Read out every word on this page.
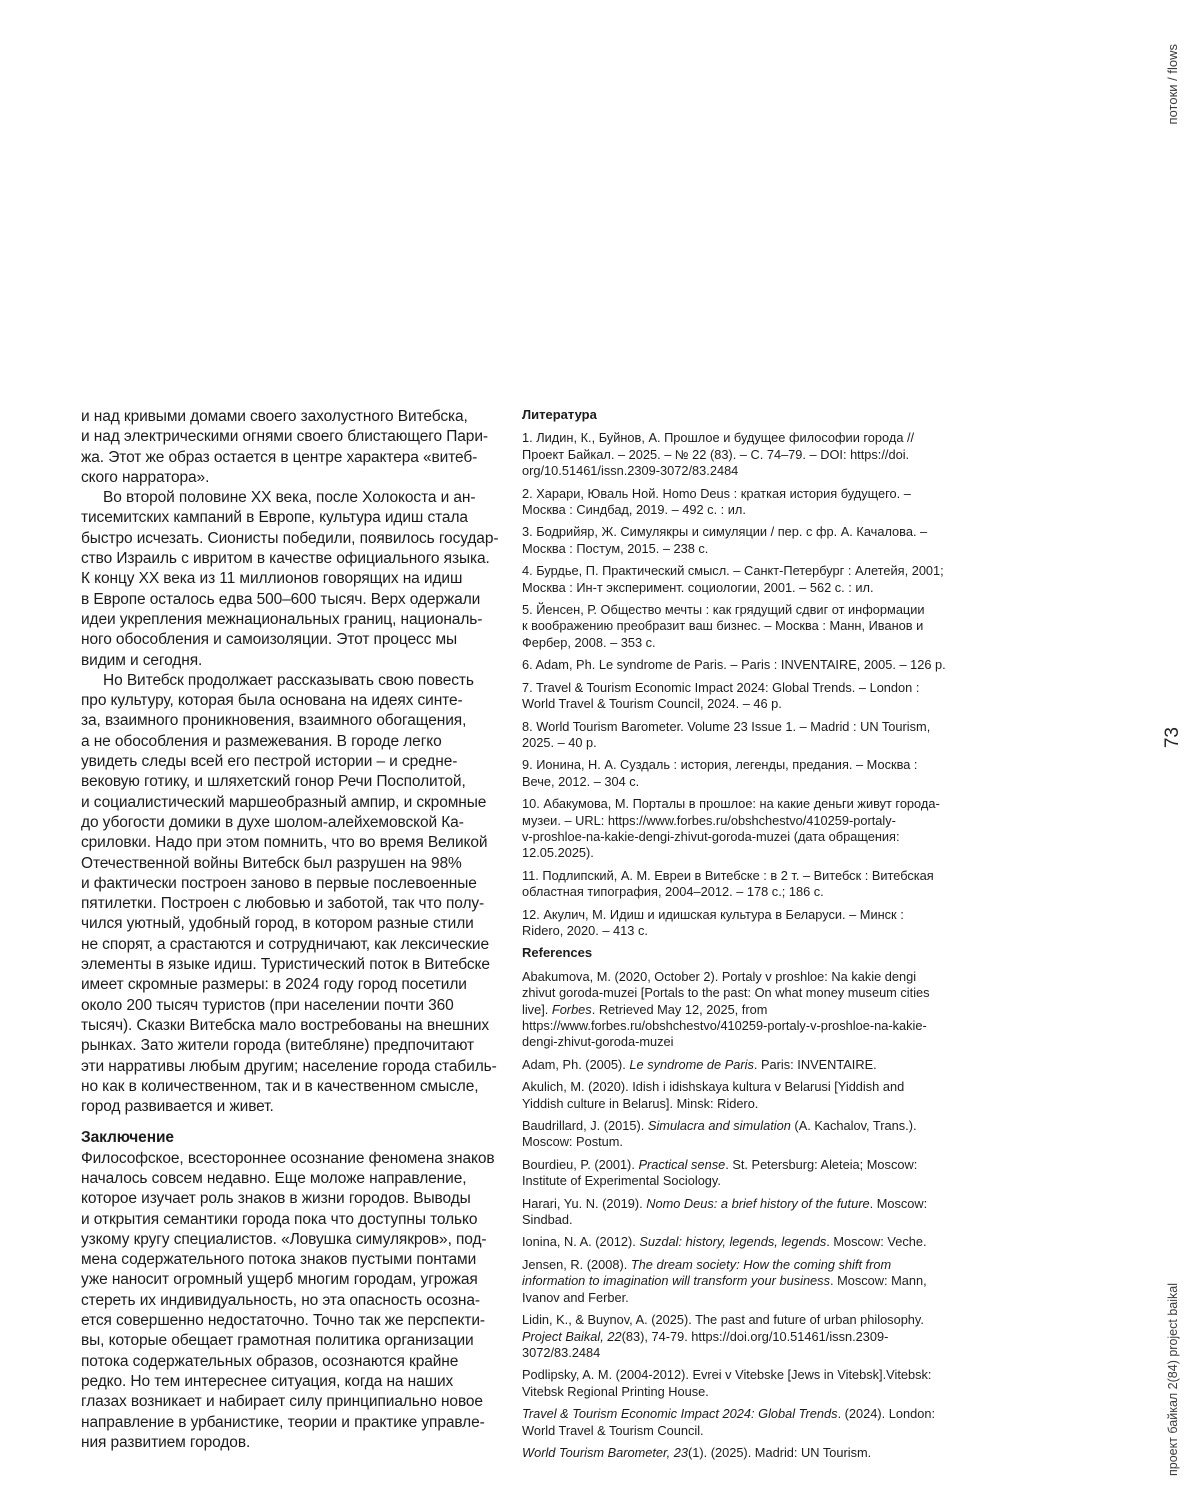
и над кривыми домами своего захолустного Витебска,
и над электрическими огнями своего блистающего Пари-
жа. Этот же образ остается в центре характера «витеб-
ского нарратора».

Во второй половине XX века, после Холокоста и ан-
тисемитских кампаний в Европе, культура идиш стала
быстро исчезать. Сионисты победили, появилось государ-
ство Израиль с ивритом в качестве официального языка.
К концу XX века из 11 миллионов говорящих на идиш
в Европе осталось едва 500–600 тысяч. Верх одержали
идеи укрепления межнациональных границ, националь-
ного обособления и самоизоляции. Этот процесс мы
видим и сегодня.

Но Витебск продолжает рассказывать свою повесть
про культуру, которая была основана на идеях синте-
за, взаимного проникновения, взаимного обогащения,
а не обособления и размежевания. В городе легко
увидеть следы всей его пестрой истории – и средне-
вековую готику, и шляхетский гонор Речи Посполитой,
и социалистический маршеобразный ампир, и скромные
до убогости домики в духе шолом-алейхемовской Ка-
сриловки. Надо при этом помнить, что во время Великой
Отечественной войны Витебск был разрушен на 98%
и фактически построен заново в первые послевоенные
пятилетки. Построен с любовью и заботой, так что полу-
чился уютный, удобный город, в котором разные стили
не спорят, а срастаются и сотрудничают, как лексические
элементы в языке идиш. Туристический поток в Витебске
имеет скромные размеры: в 2024 году город посетили
около 200 тысяч туристов (при населении почти 360
тысяч). Сказки Витебска мало востребованы на внешних
рынках. Зато жители города (витебляне) предпочитают
эти нарративы любым другим; население города стабиль-
но как в количественном, так и в качественном смысле,
город развивается и живет.

Заключение

Философское, всестороннее осознание феномена знаков
началось совсем недавно. Еще моложе направление,
которое изучает роль знаков в жизни городов. Выводы
и открытия семантики города пока что доступны только
узкому кругу специалистов. «Ловушка симулякров», под-
мена содержательного потока знаков пустыми понтами
уже наносит огромный ущерб многим городам, угрожая
стереть их индивидуальность, но эта опасность осозна-
ется совершенно недостаточно. Точно так же перспекти-
вы, которые обещает грамотная политика организации
потока содержательных образов, осознаются крайне
редко. Но тем интереснее ситуация, когда на наших
глазах возникает и набирает силу принципиально новое
направление в урбанистике, теории и практике управле-
ния развитием городов.

Литература

1. Лидин, К., Буйнов, А. Прошлое и будущее философии города //
Проект Байкал. – 2025. – № 22 (83). – С. 74–79. – DOI: https://doi.
org/10.51461/issn.2309-3072/83.2484

2. Харари, Юваль Ной. Homo Deus : краткая история будущего. –
Москва : Синдбад, 2019. – 492 с. : ил.

3. Бодрийяр, Ж. Симулякры и симуляции / пер. с фр. А. Качалова. –
Москва : Постум, 2015. – 238 с.

4. Бурдье, П. Практический смысл. – Санкт-Петербург : Алетейя, 2001;
Москва : Ин-т эксперимент. социологии, 2001. – 562 с. : ил.

5. Йенсен, Р. Общество мечты : как грядущий сдвиг от информации
к воображению преобразит ваш бизнес. – Москва : Манн, Иванов и
Фербер, 2008. – 353 с.

6. Adam, Ph. Le syndrome de Paris. – Paris : INVENTAIRE, 2005. – 126 p.

7. Travel & Tourism Economic Impact 2024: Global Trends. – London :
World Travel & Tourism Council, 2024. – 46 p.

8. World Tourism Barometer. Volume 23 Issue 1. – Madrid : UN Tourism,
2025. – 40 p.

9. Ионина, Н. А. Суздаль : история, легенды, предания. – Москва :
Вече, 2012. – 304 с.

10. Абакумова, М. Порталы в прошлое: на какие деньги живут города-
музеи. – URL: https://www.forbes.ru/obshchestvo/410259-portaly-
v-proshloe-na-kakie-dengi-zhivut-goroda-muzei (дата обращения:
12.05.2025).

11. Подлипский, А. М. Евреи в Витебске : в 2 т. – Витебск : Витебская
областная типография, 2004–2012. – 178 с.; 186 с.

12. Акулич, М. Идиш и идишская культура в Беларуси. – Минск :
Ridero, 2020. – 413 с.

References

Abakumova, M. (2020, October 2). Portaly v proshloe: Na kakie dengi zhivut goroda-muzei [Portals to the past: On what money museum cities live]. Forbes. Retrieved May 12, 2025, from https://www.forbes.ru/obshchestvo/410259-portaly-v-proshloe-na-kakie-dengi-zhivut-goroda-muzei

Adam, Ph. (2005). Le syndrome de Paris. Paris: INVENTAIRE.

Akulich, M. (2020). Idish i idishskaya kultura v Belarusi [Yiddish and Yiddish culture in Belarus]. Minsk: Ridero.

Baudrillard, J. (2015). Simulacra and simulation (A. Kachalov, Trans.). Moscow: Postum.

Bourdieu, P. (2001). Practical sense. St. Petersburg: Aleteia; Moscow: Institute of Experimental Sociology.

Harari, Yu. N. (2019). Nomo Deus: a brief history of the future. Moscow: Sindbad.

Ionina, N. A. (2012). Suzdal: history, legends, legends. Moscow: Veche.

Jensen, R. (2008). The dream society: How the coming shift from information to imagination will transform your business. Moscow: Mann, Ivanov and Ferber.

Lidin, K., & Buynov, A. (2025). The past and future of urban philosophy. Project Baikal, 22(83), 74-79. https://doi.org/10.51461/issn.2309-3072/83.2484

Podlipsky, A. M. (2004-2012). Evrei v Vitebske [Jews in Vitebsk].Vitebsk: Vitebsk Regional Printing House.

Travel & Tourism Economic Impact 2024: Global Trends. (2024). London: World Travel & Tourism Council.

World Tourism Barometer, 23(1). (2025). Madrid: UN Tourism.

потоки / flows
73
проект байкал 2(84) project baikal
